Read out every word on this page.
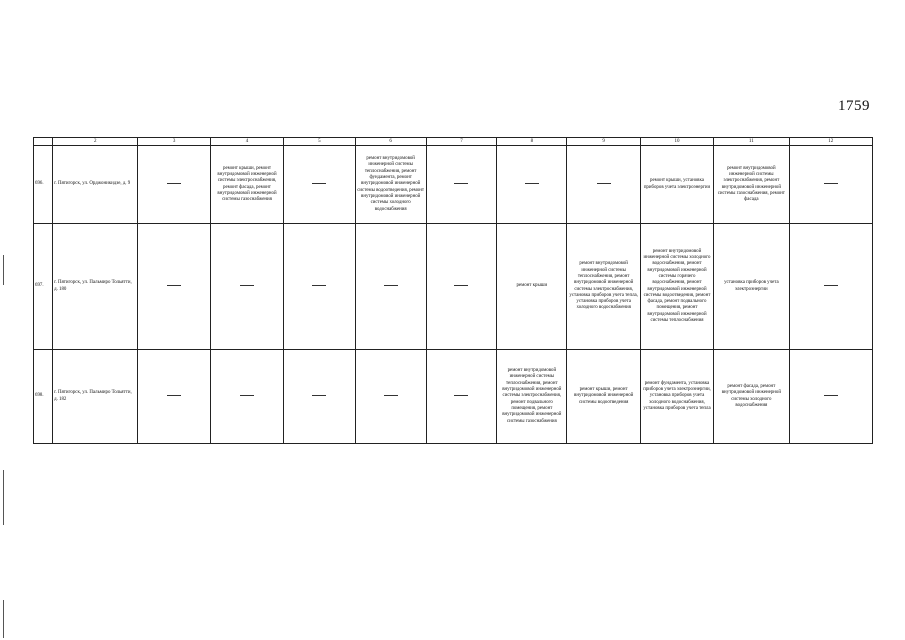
1759
	2	3	4	5	6	7	8	9	10	11	12
696.	г. Пятигорск, ул. Орджоникидзе, д. 9		ремонт крыши, ремонт внутридомовой инженерной системы электроснабжения, ремонт фасада, ремонт внутридомовой инженерной системы газоснабжения		ремонт внутридомовой инженерной системы теплоснабжения, ремонт фундамента, ремонт внутридомовой инженерной системы водоотведения, ремонт внутридомовой инженерной системы холодного водоснабжения				ремонт крыши, установка приборов учета электроэнергии	ремонт внутридомовой инженерной системы электроснабжения, ремонт внутридомовой инженерной системы газоснабжения, ремонт фасада	
697.	г. Пятигорск, ул. Пальмиро Тольятти, д. 180						ремонт крыши	ремонт внутридомовой инженерной системы теплоснабжения, ремонт внутридомовой инженерной системы электроснабжения, установка приборов учета тепла, установка приборов учета холодного водоснабжения	ремонт внутридомовой инженерной системы холодного водоснабжения, ремонт внутридомовой инженерной системы горячего водоснабжения, ремонт внутридомовой инженерной системы водоотведения, ремонт фасада, ремонт подвального помещения, ремонт внутридомовой инженерной системы теплоснабжения	установка приборов учета электроэнергии	
698.	г. Пятигорск, ул. Пальмиро Тольятти, д. 182						ремонт внутридомовой инженерной системы теплоснабжения, ремонт внутридомовой инженерной системы электроснабжения, ремонт подвального помещения, ремонт внутридомовой инженерной системы газоснабжения	ремонт крыши, ремонт внутридомовой инженерной системы водоотведения	ремонт фундамента, установка приборов учета электроэнергии, установка приборов учета холодного водоснабжения, установка приборов учета тепла	ремонт фасада, ремонт внутридомовой инженерной системы холодного водоснабжения	
